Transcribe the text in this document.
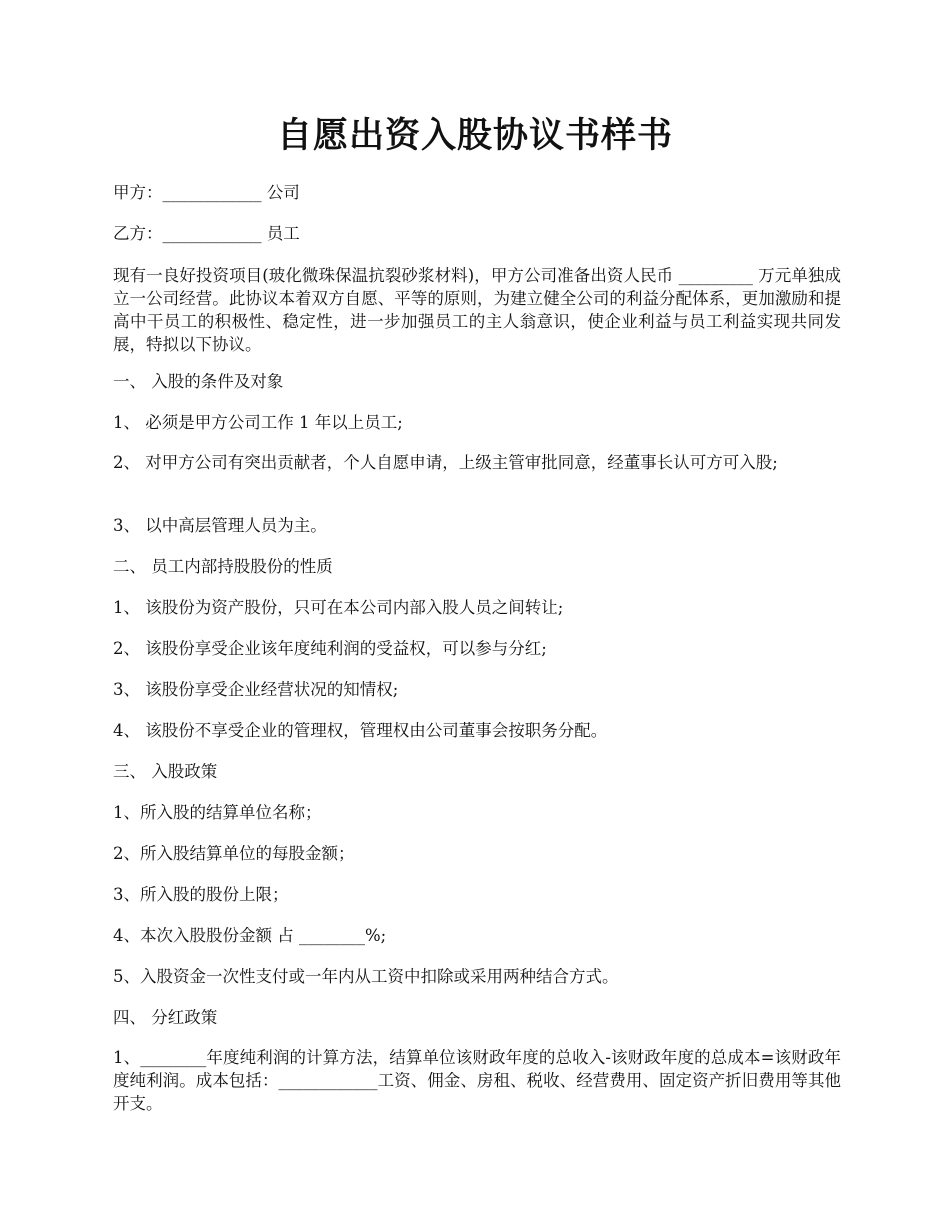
自愿出资入股协议书样书

甲方：____________ 公司

乙方：____________ 员工

现有一良好投资项目(玻化微珠保温抗裂砂浆材料)，甲方公司准备出资人民币 _________ 万元单独成立一公司经营。此协议本着双方自愿、平等的原则，为建立健全公司的利益分配体系，更加激励和提高中干员工的积极性、稳定性，进一步加强员工的主人翁意识，使企业利益与员工利益实现共同发展，特拟以下协议。

一、 入股的条件及对象

1、 必须是甲方公司工作 1 年以上员工;

2、 对甲方公司有突出贡献者，个人自愿申请，上级主管审批同意，经董事长认可方可入股;

3、 以中高层管理人员为主。

二、 员工内部持股股份的性质

1、 该股份为资产股份，只可在本公司内部入股人员之间转让;

2、 该股份享受企业该年度纯利润的受益权，可以参与分红;

3、 该股份享受企业经营状况的知情权;

4、 该股份不享受企业的管理权，管理权由公司董事会按职务分配。

三、 入股政策

1、所入股的结算单位名称；

2、所入股结算单位的每股金额；

3、所入股的股份上限；

4、本次入股股份金额 占 ________%;

5、入股资金一次性支付或一年内从工资中扣除或采用两种结合方式。

四、 分红政策

1、________年度纯利润的计算方法，结算单位该财政年度的总收入-该财政年度的总成本=该财政年度纯利润。成本包括：____________工资、佣金、房租、税收、经营费用、固定资产折旧费用等其他开支。
